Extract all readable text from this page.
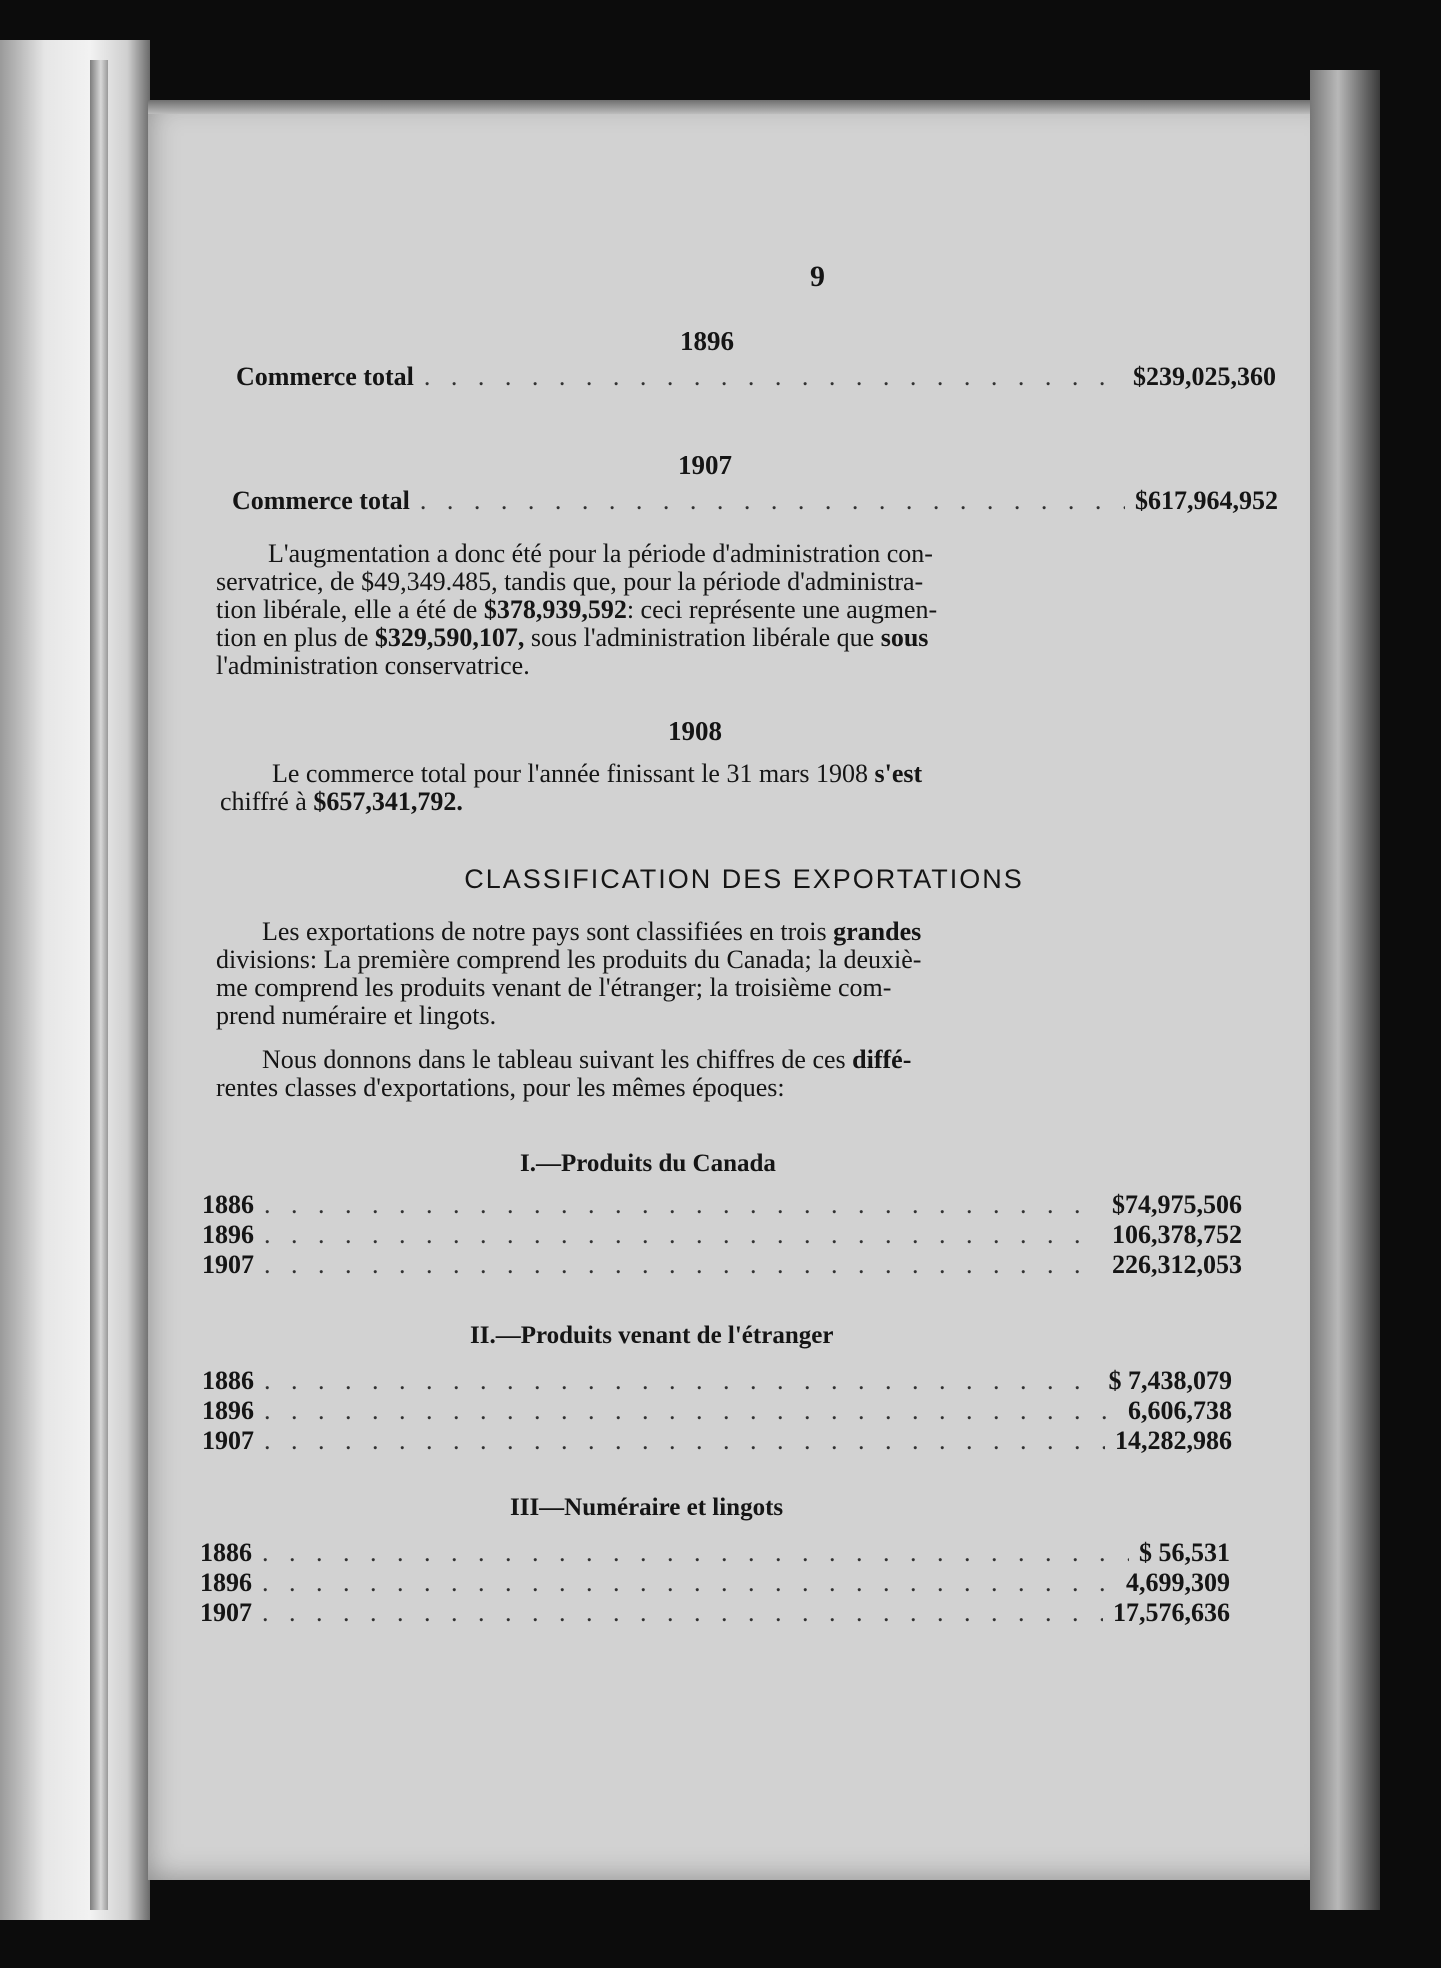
9
1896
Commerce total . . .	$239,025,360
1907
Commerce total . . .	$617,964,952
L'augmentation a donc été pour la période d'administration con-
servatrice, de $49,349.485, tandis que, pour la période d'administra-
tion libérale, elle a été de $378,939,592: ceci représente une augmen-
tion en plus de $329,590,107, sous l'administration libérale que sous
l'administration conservatrice.
1908
Le commerce total pour l'année finissant le 31 mars 1908 s'est
chiffré à $657,341,792.
CLASSIFICATION DES EXPORTATIONS
Les exportations de notre pays sont classifiées en trois grandes
divisions: La première comprend les produits du Canada; la deuxiè-
me comprend les produits venant de l'étranger; la troisième com-
prend numéraire et lingots.
Nous donnons dans le tableau suivant les chiffres de ces diffé-
rentes classes d'exportations, pour les mêmes époques:
I.—Produits du Canada
1886 . . .	$74,975,506
1896 . . .	106,378,752
1907 . . .	226,312,053
II.—Produits venant de l'étranger
1886 . . .	$ 7,438,079
1896 . . .	6,606,738
1907 . . .	14,282,986
III—Numéraire et lingots
1886 . . .	$ 56,531
1896 . . .	4,699,309
1907 . . .	17,576,636
